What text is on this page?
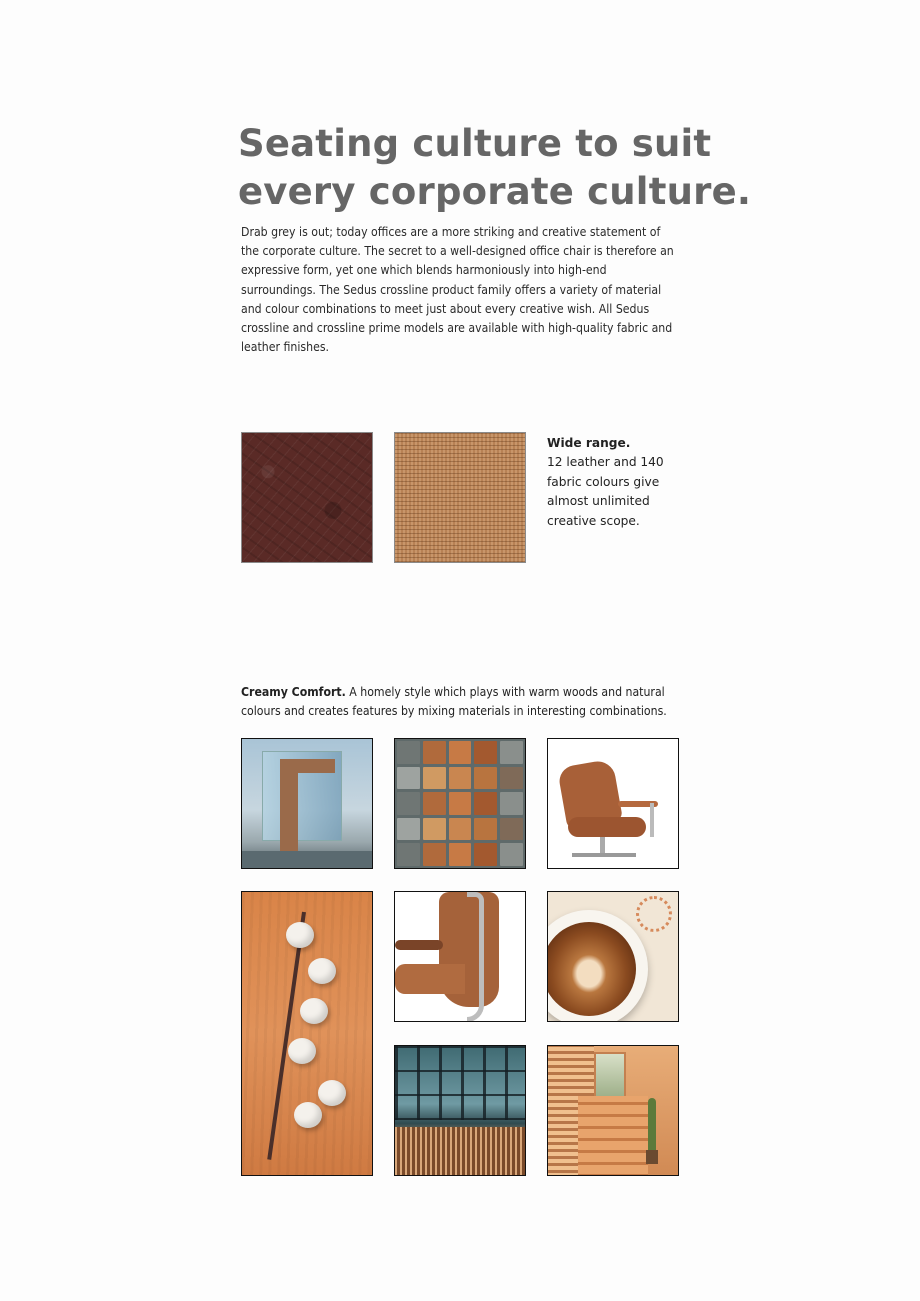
Seating culture to suit
every corporate culture.

Drab grey is out; today offices are a more striking and creative statement of the corporate culture. The secret to a well-designed office chair is therefore an expressive form, yet one which blends harmoniously into high-end surroundings. The Sedus crossline product family offers a variety of material and colour combinations to meet just about every creative wish. All Sedus crossline and crossline prime models are available with high-quality fabric and leather finishes.

Wide range.
12 leather and 140 fabric colours give almost unlimited creative scope.

Creamy Comfort. A homely style which plays with warm woods and natural colours and creates features by mixing materials in interesting combinations.
